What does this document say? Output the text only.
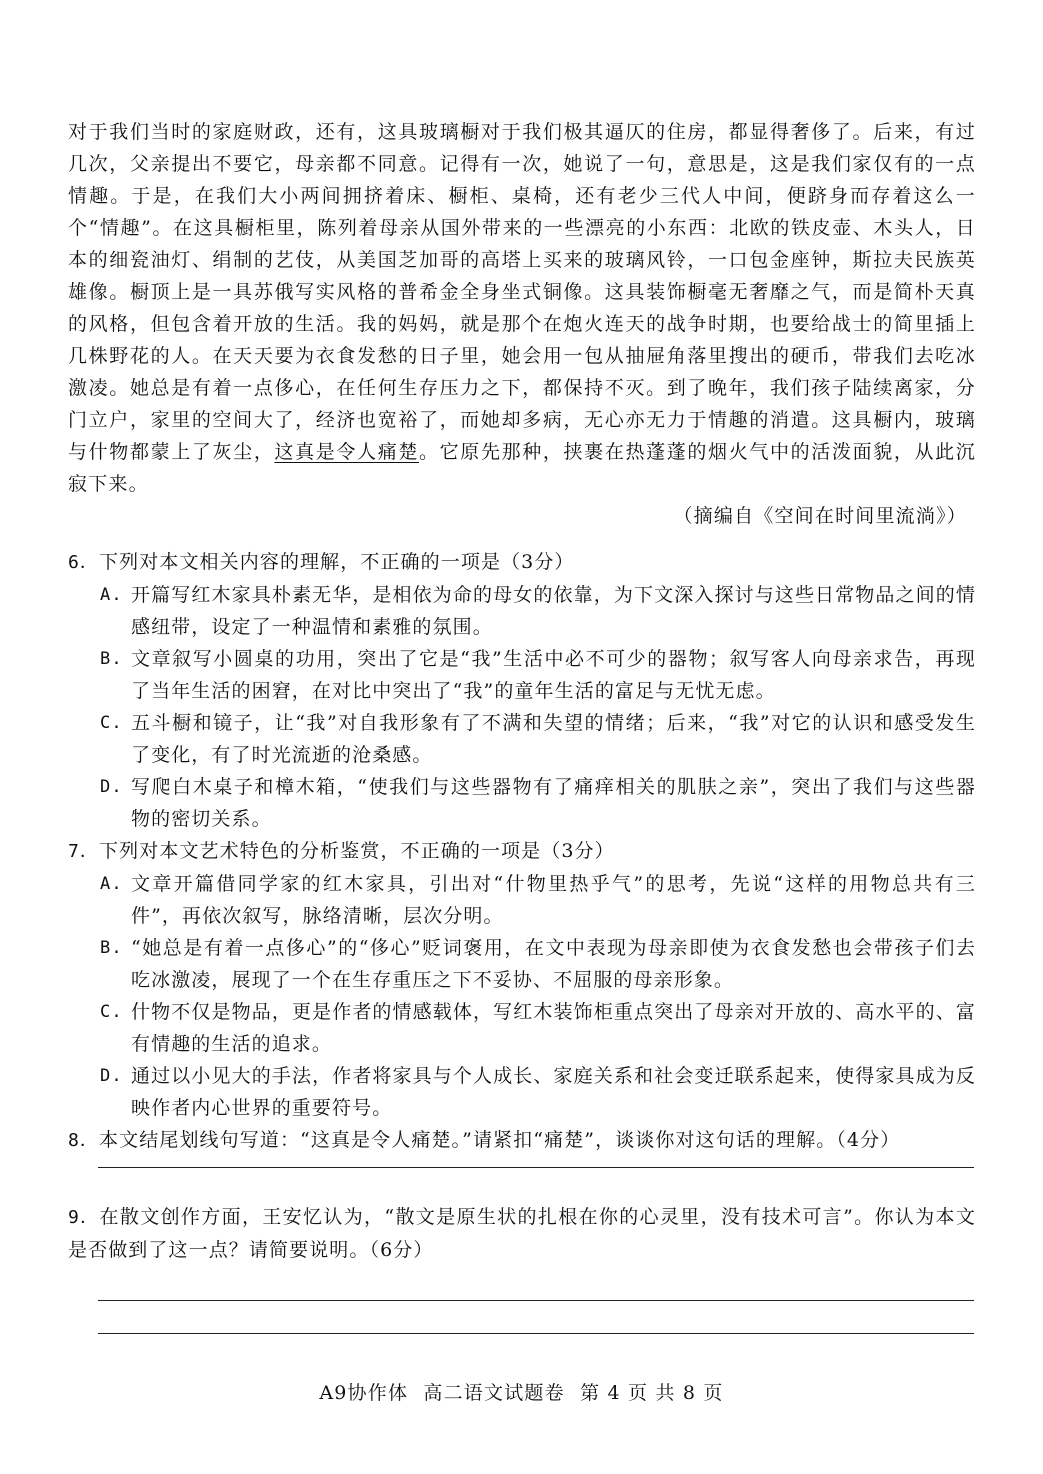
对于我们当时的家庭财政，还有，这具玻璃橱对于我们极其逼仄的住房，都显得奢侈了。后来，有过几次，父亲提出不要它，母亲都不同意。记得有一次，她说了一句，意思是，这是我们家仅有的一点情趣。于是，在我们大小两间拥挤着床、橱柜、桌椅，还有老少三代人中间，便跻身而存着这么一个“情趣”。在这具橱柜里，陈列着母亲从国外带来的一些漂亮的小东西：北欧的铁皮壶、木头人，日本的细瓷油灯、绢制的艺伎，从美国芝加哥的高塔上买来的玻璃风铃，一口包金座钟，斯拉夫民族英雄像。橱顶上是一具苏俄写实风格的普希金全身坐式铜像。这具装饰橱毫无奢靡之气，而是简朴天真的风格，但包含着开放的生活。我的妈妈，就是那个在炮火连天的战争时期，也要给战士的简里插上几株野花的人。在天天要为衣食发愁的日子里，她会用一包从抽屉角落里搜出的硬币，带我们去吃冰激凌。她总是有着一点侈心，在任何生存压力之下，都保持不灭。到了晚年，我们孩子陆续离家，分门立户，家里的空间大了，经济也宽裕了，而她却多病，无心亦无力于情趣的消遣。这具橱内，玻璃与什物都蒙上了灰尘，这真是令人痛楚。它原先那种，挟裹在热蓬蓬的烟火气中的活泼面貌，从此沉寂下来。

（摘编自《空间在时间里流淌》）

6．下列对本文相关内容的理解，不正确的一项是（3分）

A. 开篇写红木家具朴素无华，是相依为命的母女的依靠，为下文深入探讨与这些日常物品之间的情感纽带，设定了一种温情和素雅的氛围。
B. 文章叙写小圆桌的功用，突出了它是“我”生活中必不可少的器物；叙写客人向母亲求告，再现了当年生活的困窘，在对比中突出了“我”的童年生活的富足与无忧无虑。
C. 五斗橱和镜子，让“我”对自我形象有了不满和失望的情绪；后来，“我”对它的认识和感受发生了变化，有了时光流逝的沧桑感。
D. 写爬白木桌子和樟木箱，“使我们与这些器物有了痛痒相关的肌肤之亲”，突出了我们与这些器物的密切关系。

7．下列对本文艺术特色的分析鉴赏，不正确的一项是（3分）

A. 文章开篇借同学家的红木家具，引出对“什物里热乎气”的思考，先说“这样的用物总共有三件”，再依次叙写，脉络清晰，层次分明。
B. “她总是有着一点侈心”的“侈心”贬词褒用，在文中表现为母亲即使为衣食发愁也会带孩子们去吃冰激凌，展现了一个在生存重压之下不妥协、不屈服的母亲形象。
C. 什物不仅是物品，更是作者的情感载体，写红木装饰柜重点突出了母亲对开放的、高水平的、富有情趣的生活的追求。
D. 通过以小见大的手法，作者将家具与个人成长、家庭关系和社会变迁联系起来，使得家具成为反映作者内心世界的重要符号。

8．本文结尾划线句写道：“这真是令人痛楚。”请紧扣“痛楚”，谈谈你对这句话的理解。（4分）

9．在散文创作方面，王安忆认为，“散文是原生状的扎根在你的心灵里，没有技术可言”。你认为本文是否做到了这一点？请简要说明。（6分）

A9协作体 高二语文试题卷 第 4 页 共 8 页
